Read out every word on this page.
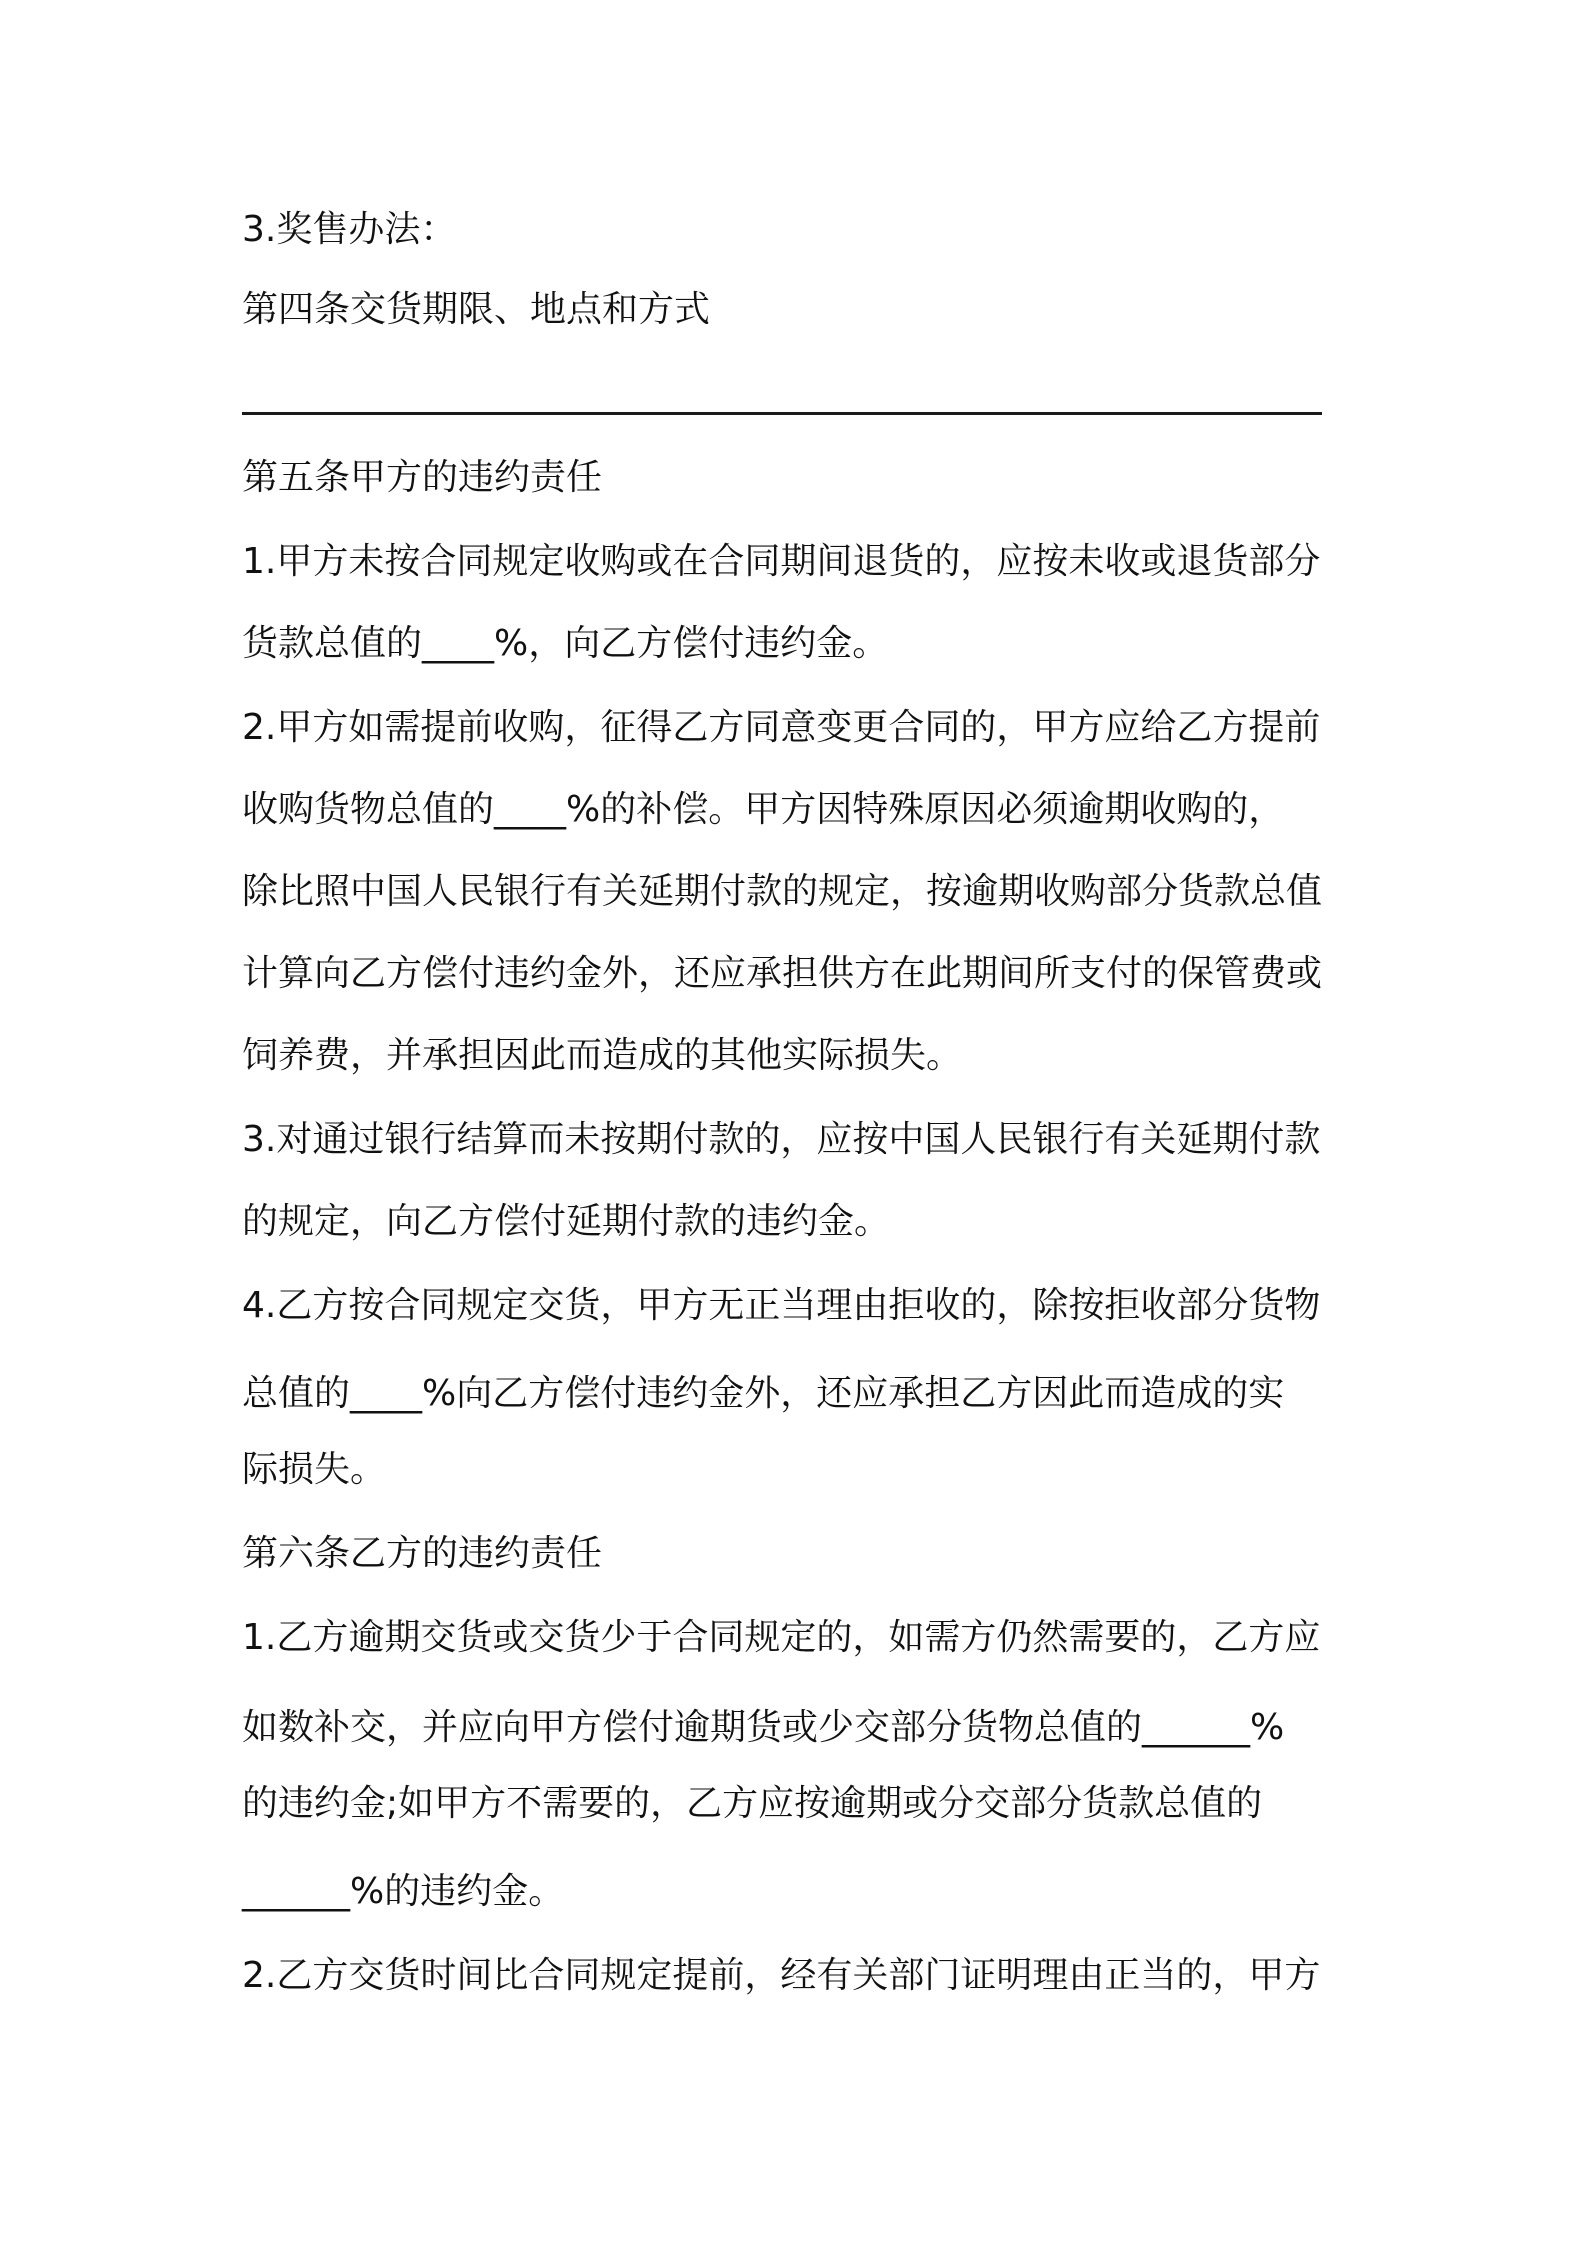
3.奖售办法：

第四条交货期限、地点和方式

第五条甲方的违约责任

1.甲方未按合同规定收购或在合同期间退货的，应按未收或退货部分

货款总值的____%，向乙方偿付违约金。

2.甲方如需提前收购，征得乙方同意变更合同的，甲方应给乙方提前

收购货物总值的____%的补偿。甲方因特殊原因必须逾期收购的，

除比照中国人民银行有关延期付款的规定，按逾期收购部分货款总值

计算向乙方偿付违约金外，还应承担供方在此期间所支付的保管费或

饲养费，并承担因此而造成的其他实际损失。

3.对通过银行结算而未按期付款的，应按中国人民银行有关延期付款

的规定，向乙方偿付延期付款的违约金。

4.乙方按合同规定交货，甲方无正当理由拒收的，除按拒收部分货物

总值的____%向乙方偿付违约金外，还应承担乙方因此而造成的实

际损失。

第六条乙方的违约责任

1.乙方逾期交货或交货少于合同规定的，如需方仍然需要的，乙方应

如数补交，并应向甲方偿付逾期货或少交部分货物总值的______%

的违约金;如甲方不需要的，乙方应按逾期或分交部分货款总值的

______%的违约金。

2.乙方交货时间比合同规定提前，经有关部门证明理由正当的，甲方
